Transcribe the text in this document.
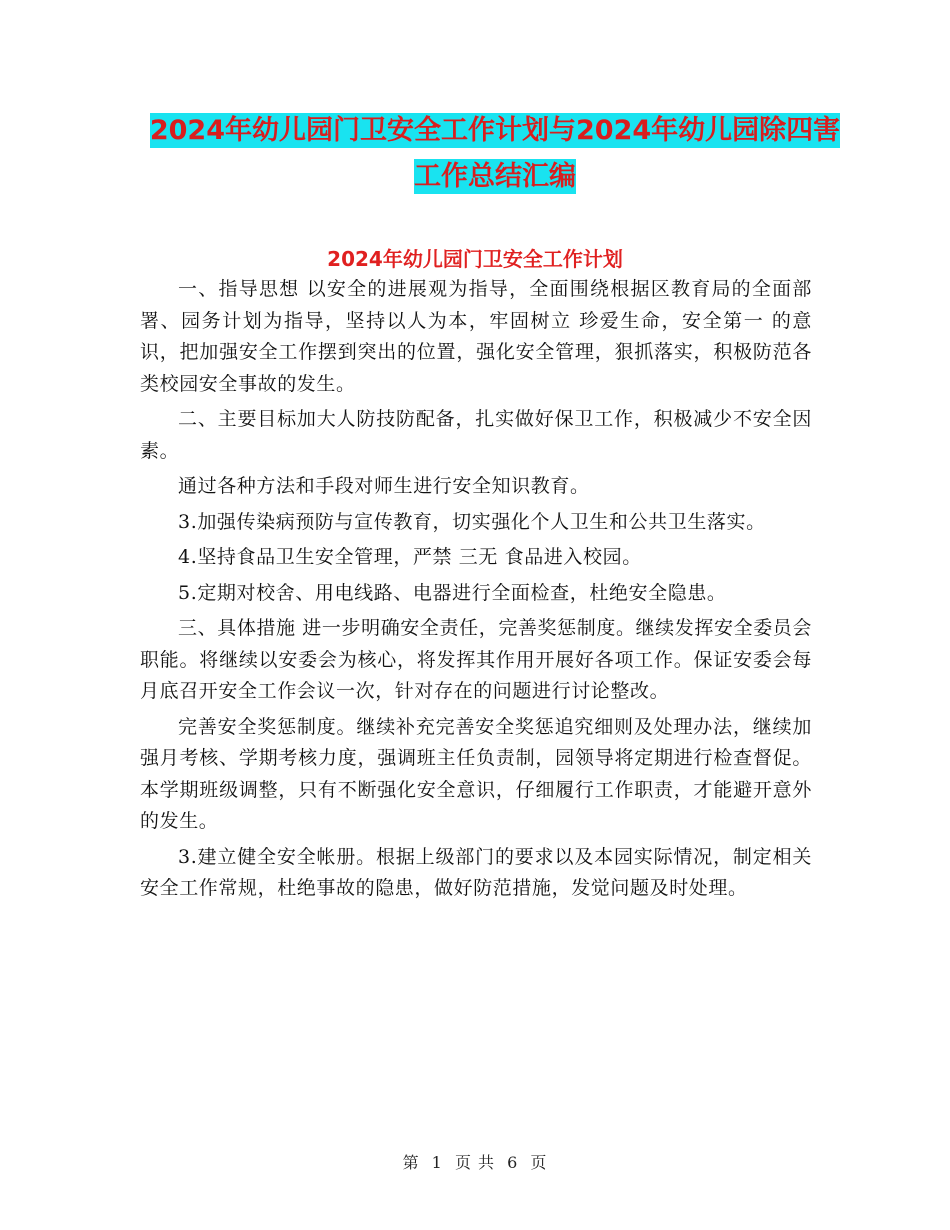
2024年幼儿园门卫安全工作计划与2024年幼儿园除四害工作总结汇编
2024年幼儿园门卫安全工作计划

一、指导思想 以安全的进展观为指导，全面围绕根据区教育局的全面部署、园务计划为指导，坚持以人为本，牢固树立 珍爱生命，安全第一 的意识，把加强安全工作摆到突出的位置，强化安全管理，狠抓落实，积极防范各类校园安全事故的发生。

二、主要目标加大人防技防配备，扎实做好保卫工作，积极减少不安全因素。

通过各种方法和手段对师生进行安全知识教育。

3.加强传染病预防与宣传教育，切实强化个人卫生和公共卫生落实。

4.坚持食品卫生安全管理，严禁 三无 食品进入校园。

5.定期对校舍、用电线路、电器进行全面检查，杜绝安全隐患。

三、具体措施 进一步明确安全责任，完善奖惩制度。继续发挥安全委员会职能。将继续以安委会为核心，将发挥其作用开展好各项工作。保证安委会每月底召开安全工作会议一次，针对存在的问题进行讨论整改。

完善安全奖惩制度。继续补充完善安全奖惩追究细则及处理办法，继续加强月考核、学期考核力度，强调班主任负责制，园领导将定期进行检查督促。本学期班级调整，只有不断强化安全意识，仔细履行工作职责，才能避开意外的发生。

3.建立健全安全帐册。根据上级部门的要求以及本园实际情况，制定相关安全工作常规，杜绝事故的隐患，做好防范措施，发觉问题及时处理。

第 1 页 共 6 页
